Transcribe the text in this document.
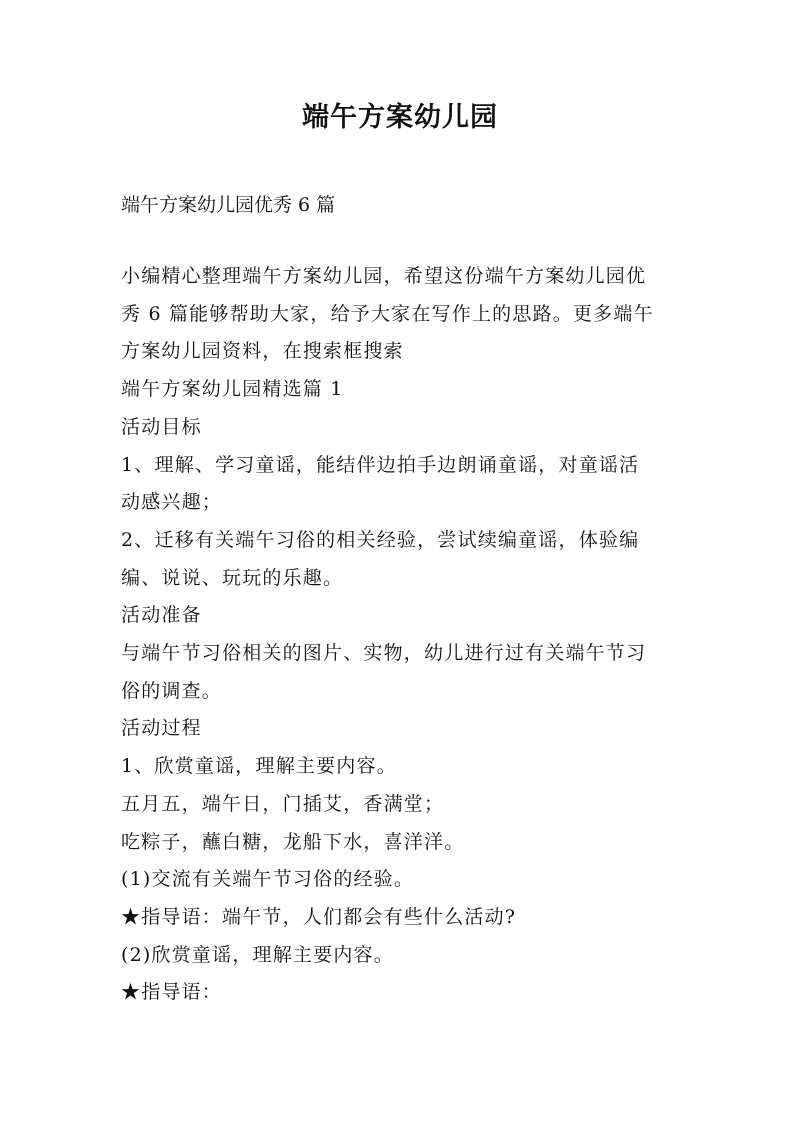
端午方案幼儿园

端午方案幼儿园优秀 6 篇

小编精心整理端午方案幼儿园，希望这份端午方案幼儿园优

秀 6 篇能够帮助大家，给予大家在写作上的思路。更多端午

方案幼儿园资料，在搜索框搜索

端午方案幼儿园精选篇 1

活动目标

1、理解、学习童谣，能结伴边拍手边朗诵童谣，对童谣活

动感兴趣；

2、迁移有关端午习俗的相关经验，尝试续编童谣，体验编

编、说说、玩玩的乐趣。

活动准备

与端午节习俗相关的图片、实物，幼儿进行过有关端午节习

俗的调查。

活动过程

1、欣赏童谣，理解主要内容。

五月五，端午日，门插艾，香满堂；

吃粽子，蘸白糖，龙船下水，喜洋洋。

(1)交流有关端午节习俗的经验。

★指导语：端午节，人们都会有些什么活动?

(2)欣赏童谣，理解主要内容。

★指导语：
